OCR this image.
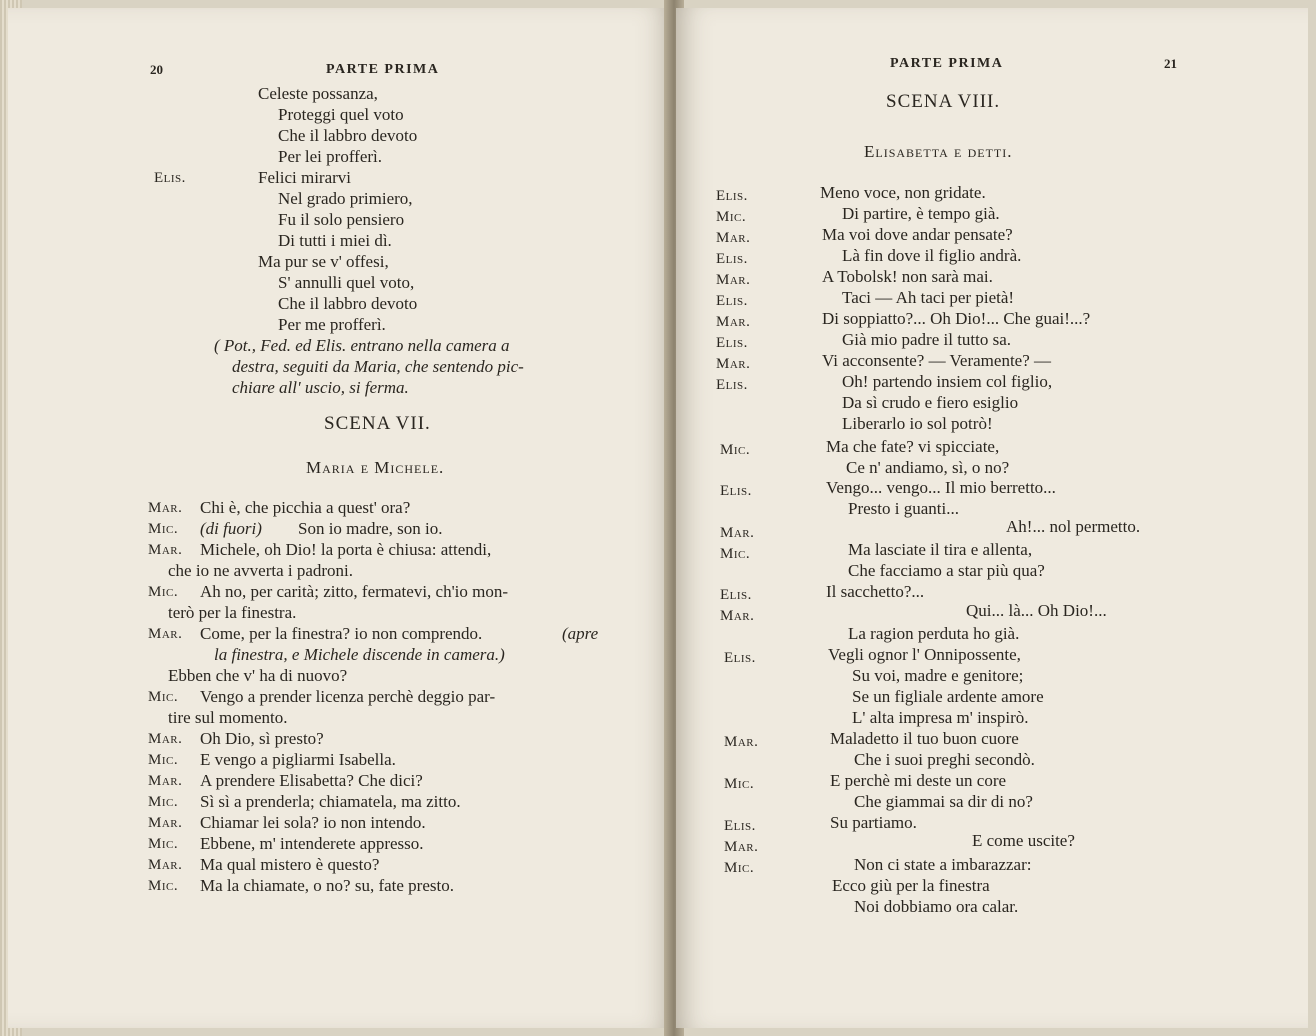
20	PARTE PRIMA
Celeste possanza,
Proteggi quel voto
Che il labbro devoto
Per lei profferì.
Elis.	Felici mirarvi
Nel grado primiero,
Fu il solo pensiero
Di tutti i miei dì.
Ma pur se v' offesi,
S' annulli quel voto,
Che il labbro devoto
Per me profferì.
( Pot., Fed. ed Elis. entrano nella camera a
destra, seguiti da Maria, che sentendo pic-
chiare all' uscio, si ferma.
SCENA VII.
Maria e Michele.
Mar. Chi è, che picchia a quest' ora?
Mic. (di fuori) Son io madre, son io.
Mar. Michele, oh Dio! la porta è chiusa: attendi,
che io ne avverta i padroni.
Mic. Ah no, per carità; zitto, fermatevi, ch'io mon-
terò per la finestra.
Mar. Come, per la finestra? io non comprendo.	(apre
la finestra, e Michele discende in camera.)
Ebben che v' ha di nuovo?
Mic. Vengo a prender licenza perchè deggio par-
tire sul momento.
Mar. Oh Dio, sì presto?
Mic. E vengo a pigliarmi Isabella.
Mar. A prendere Elisabetta? Che dici?
Mic. Sì sì a prenderla; chiamatela, ma zitto.
Mar. Chiamar lei sola? io non intendo.
Mic. Ebbene, m' intenderete appresso.
Mar. Ma qual mistero è questo?
Mic. Ma la chiamate, o no? su, fate presto.
PARTE PRIMA	21
SCENA VIII.
Elisabetta e detti.
Elis.	Meno voce, non gridate.
Mic.	Di partire, è tempo già.
Mar.	Ma voi dove andar pensate?
Elis.	Là fin dove il figlio andrà.
Mar.	A Tobolsk! non sarà mai.
Elis.	Taci — Ah taci per pietà!
Mar.	Di soppiatto?... Oh Dio!... Che guai!...?
Elis.	Già mio padre il tutto sa.
Mar.	Vi acconsente? — Veramente? —
Elis.	Oh! partendo insiem col figlio,
Da sì crudo e fiero esiglio
Liberarlo io sol potrò!
Mic.	Ma che fate? vi spicciate,
Ce n' andiamo, sì, o no?
Elis.	Vengo... vengo... Il mio berretto...
Presto i guanti...
Mar.	Ah!... nol permetto.
Mic.	Ma lasciate il tira e allenta,
Che facciamo a star più qua?
Elis.	Il sacchetto?...
Mar.	Qui... là... Oh Dio!...
La ragion perduta ho già.
Elis.	Vegli ognor l' Onnipossente,
Su voi, madre e genitore;
Se un figliale ardente amore
L' alta impresa m' inspirò.
Mar.	Maladetto il tuo buon cuore
Che i suoi preghi secondò.
Mic.	E perchè mi deste un core
Che giammai sa dir di no?
Elis.	Su partiamo.
Mar.	E come uscite?
Mic.	Non ci state a imbarazzar:
Ecco giù per la finestra
Noi dobbiamo ora calar.
